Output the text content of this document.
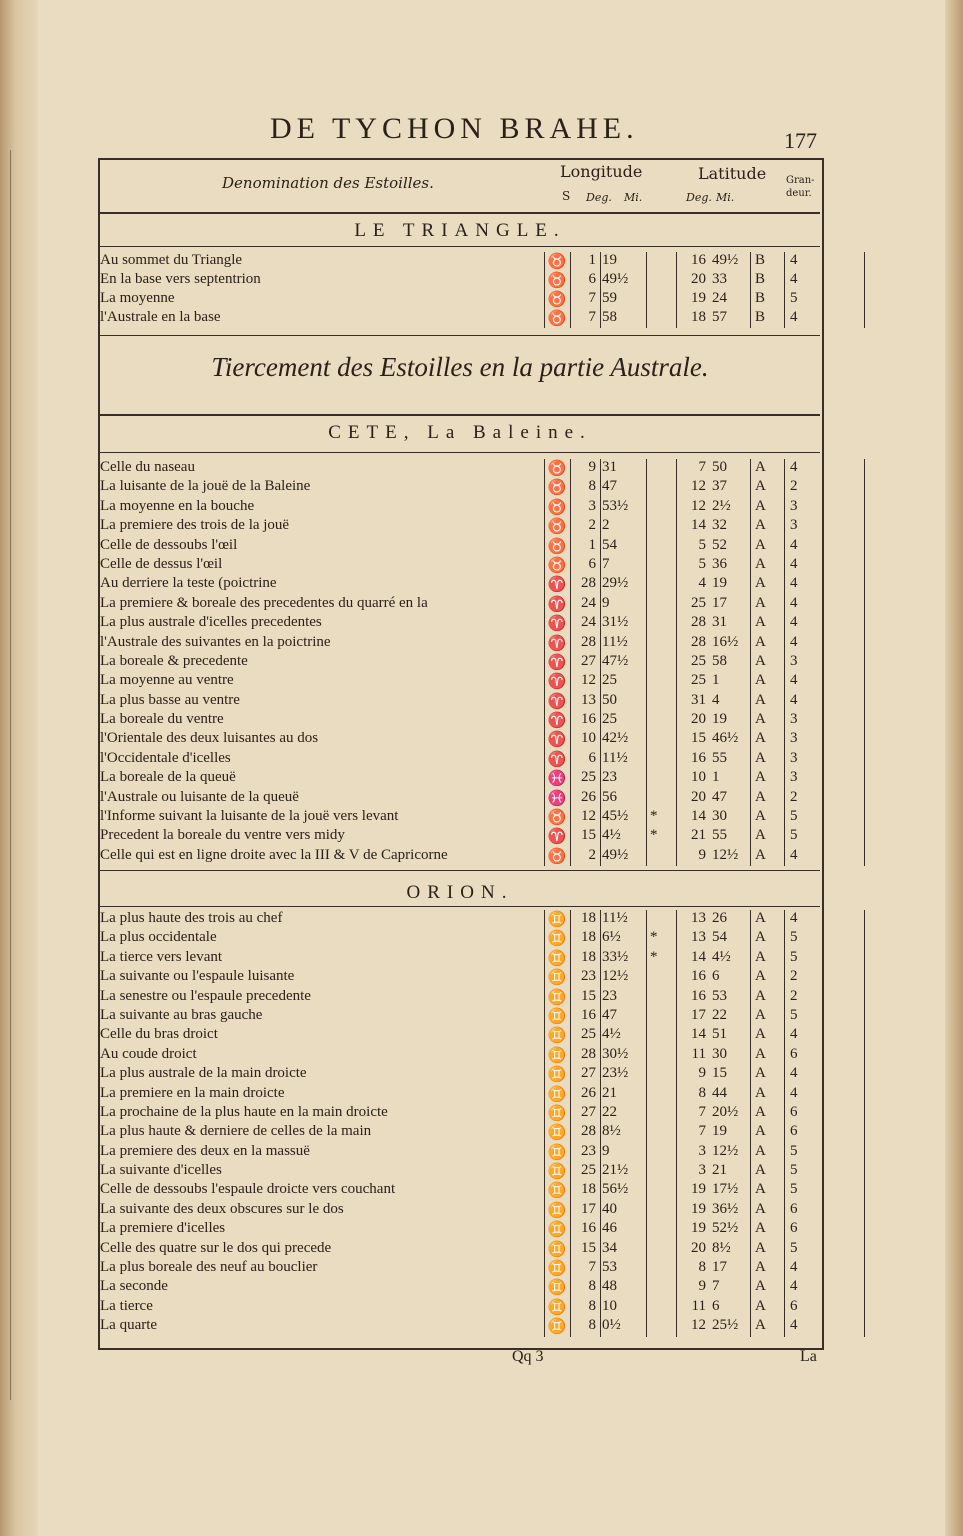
DE TYCHON BRAHE.	177
Denomination des Estoilles.
Longitude
S Deg. Mi.
Latitude
Deg. Mi.
Gran-deur.
LE TRIANGLE.
Au sommet du Triangle	♉	1 19	16 49½	B 4
En la base vers septentrion	♉	6 49½	20 33	B 4
La moyenne	♉	7 59	19 24	B 5
l'Australe en la base	♉	7 58	18 57	B 4
Tiercement des Estoilles en la partie Australe.
CETE, La Baleine.
Celle du naseau	♉	9 31	7 50	A 4
La luisante de la jouë de la Baleine	♉	8 47	12 37	A 2
La moyenne en la bouche	♉	3 53½	12 2½	A 3
La premiere des trois de la jouë	♉	2 2	14 32	A 3
Celle de dessoubs l'œil	♉	1 54	5 52	A 4
Celle de dessus l'œil	♉	6 7	5 36	A 4
Au derriere la teste (poictrine	♈ 28 29½	4 19	A 4
La premiere & boreale des precedentes du quarré en la	♈ 24 9	25 17	A 4
La plus australe d'icelles precedentes	♈ 24 31½	28 31	A 4
l'Australe des suivantes en la poictrine	♈ 28 11½	28 16½	A 4
La boreale & precedente	♈ 27 47½	25 58	A 3
La moyenne au ventre	♈ 12 25	25 1	A 4
La plus basse au ventre	♈ 13 50	31 4	A 4
La boreale du ventre	♈ 16 25	20 19	A 3
l'Orientale des deux luisantes au dos	♈ 10 42½	15 46½	A 3
l'Occidentale d'icelles	♈	6 11½	16 55	A 3
La boreale de la queuë	♓ 25 23	10 1	A 3
l'Australe ou luisante de la queuë	♓ 26 56	20 47	A 2
l'Informe suivant la luisante de la jouë vers levant	♉ 12 45½	*	14 30	A 5
Precedent la boreale du ventre vers midy	♈ 15 4½	*	21 55	A 5
Celle qui est en ligne droite avec la III & V de Capricorne	♉	2 49½	9 12½	A 4
ORION.
La plus haute des trois au chef	♊ 18 11½	13 26	A 4
La plus occidentale	♊ 18 6½	*	13 54	A 5
La tierce vers levant	♊ 18 33½	*	14 4½	A 5
La suivante ou l'espaule luisante	♊ 23 12½	16 6	A 2
La senestre ou l'espaule precedente	♊ 15 23	16 53	A 2
La suivante au bras gauche	♊ 16 47	17 22	A 5
Celle du bras droict	♊ 25 4½	14 51	A 4
Au coude droict	♊ 28 30½	11 30	A 6
La plus australe de la main droicte	♊ 27 23½	9 15	A 4
La premiere en la main droicte	♊ 26 21	8 44	A 4
La prochaine de la plus haute en la main droicte	♊ 27 22	7 20½	A 6
La plus haute & derniere de celles de la main	♊ 28 8½	7 19	A 6
La premiere des deux en la massuë	♊ 23 9	3 12½	A 5
La suivante d'icelles	♊ 25 21½	3 21	A 5
Celle de dessoubs l'espaule droicte vers couchant	♊ 18 56½	19 17½	A 5
La suivante des deux obscures sur le dos	♊ 17 40	19 36½	A 6
La premiere d'icelles	♊ 16 46	19 52½	A 6
Celle des quatre sur le dos qui precede	♊ 15 34	20 8½	A 5
La plus boreale des neuf au bouclier	♊	7 53	8 17	A 4
La seconde	♊	8 48	9 7	A 4
La tierce	♊	8 10	11 6	A 6
La quarte	♊	8 0½	12 25½	A 4
Qq 3	La
